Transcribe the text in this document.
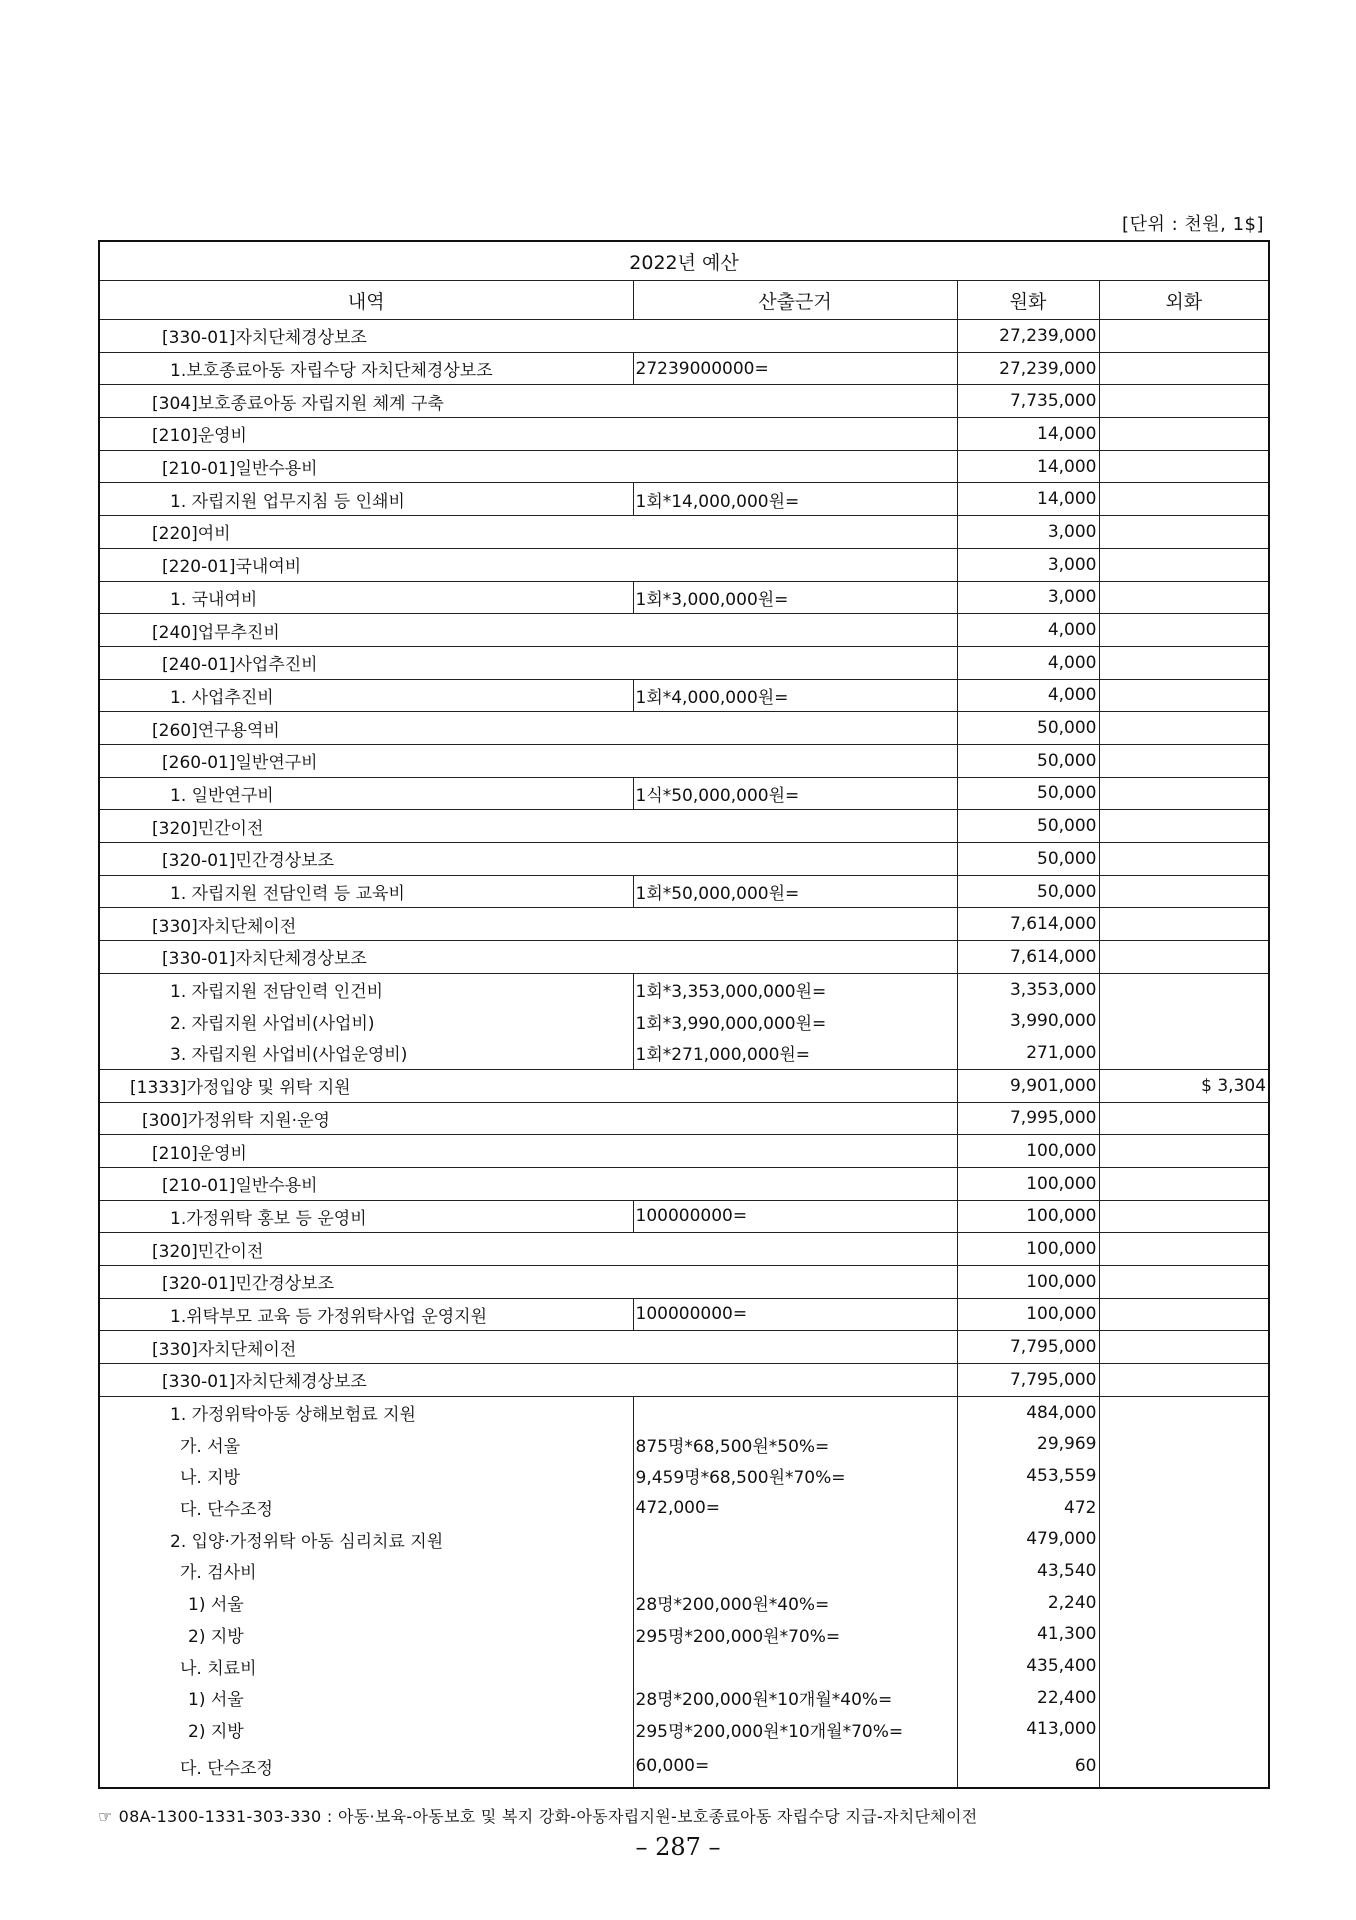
[단위 : 천원, 1$]
2022년 예산			
내역	산출근거	원화	외화
[330-01]자치단체경상보조		27,239,000	
1.보호종료아동 자립수당 자치단체경상보조	27239000000=	27,239,000	
[304]보호종료아동 자립지원 체계 구축		7,735,000	
[210]운영비		14,000	
[210-01]일반수용비		14,000	
1. 자립지원 업무지침 등 인쇄비	1회*14,000,000원=	14,000	
[220]여비		3,000	
[220-01]국내여비		3,000	
1. 국내여비	1회*3,000,000원=	3,000	
[240]업무추진비		4,000	
[240-01]사업추진비		4,000	
1. 사업추진비	1회*4,000,000원=	4,000	
[260]연구용역비		50,000	
[260-01]일반연구비		50,000	
1. 일반연구비	1식*50,000,000원=	50,000	
[320]민간이전		50,000	
[320-01]민간경상보조		50,000	
1. 자립지원 전담인력 등 교육비	1회*50,000,000원=	50,000	
[330]자치단체이전		7,614,000	
[330-01]자치단체경상보조		7,614,000	
1. 자립지원 전담인력 인건비	1회*3,353,000,000원=	3,353,000	
2. 자립지원 사업비(사업비)	1회*3,990,000,000원=	3,990,000	
3. 자립지원 사업비(사업운영비)	1회*271,000,000원=	271,000	
[1333]가정입양 및 위탁 지원		9,901,000	$ 3,304
[300]가정위탁 지원·운영		7,995,000	
[210]운영비		100,000	
[210-01]일반수용비		100,000	
1.가정위탁 홍보 등 운영비	100000000=	100,000	
[320]민간이전		100,000	
[320-01]민간경상보조		100,000	
1.위탁부모 교육 등 가정위탁사업 운영지원	100000000=	100,000	
[330]자치단체이전		7,795,000	
[330-01]자치단체경상보조		7,795,000	
1. 가정위탁아동 상해보험료 지원		484,000	
가. 서울	875명*68,500원*50%=	29,969	
나. 지방	9,459명*68,500원*70%=	453,559	
다. 단수조정	472,000=	472	
2. 입양·가정위탁 아동 심리치료 지원		479,000	
가. 검사비		43,540	
1) 서울	28명*200,000원*40%=	2,240	
2) 지방	295명*200,000원*70%=	41,300	
나. 치료비		435,400	
1) 서울	28명*200,000원*10개월*40%=	22,400	
2) 지방	295명*200,000원*10개월*70%=	413,000	
다. 단수조정	60,000=	60	
☞ 08A-1300-1331-303-330 : 아동·보육-아동보호 및 복지 강화-아동자립지원-보호종료아동 자립수당 지급-자치단체이전
– 287 –
